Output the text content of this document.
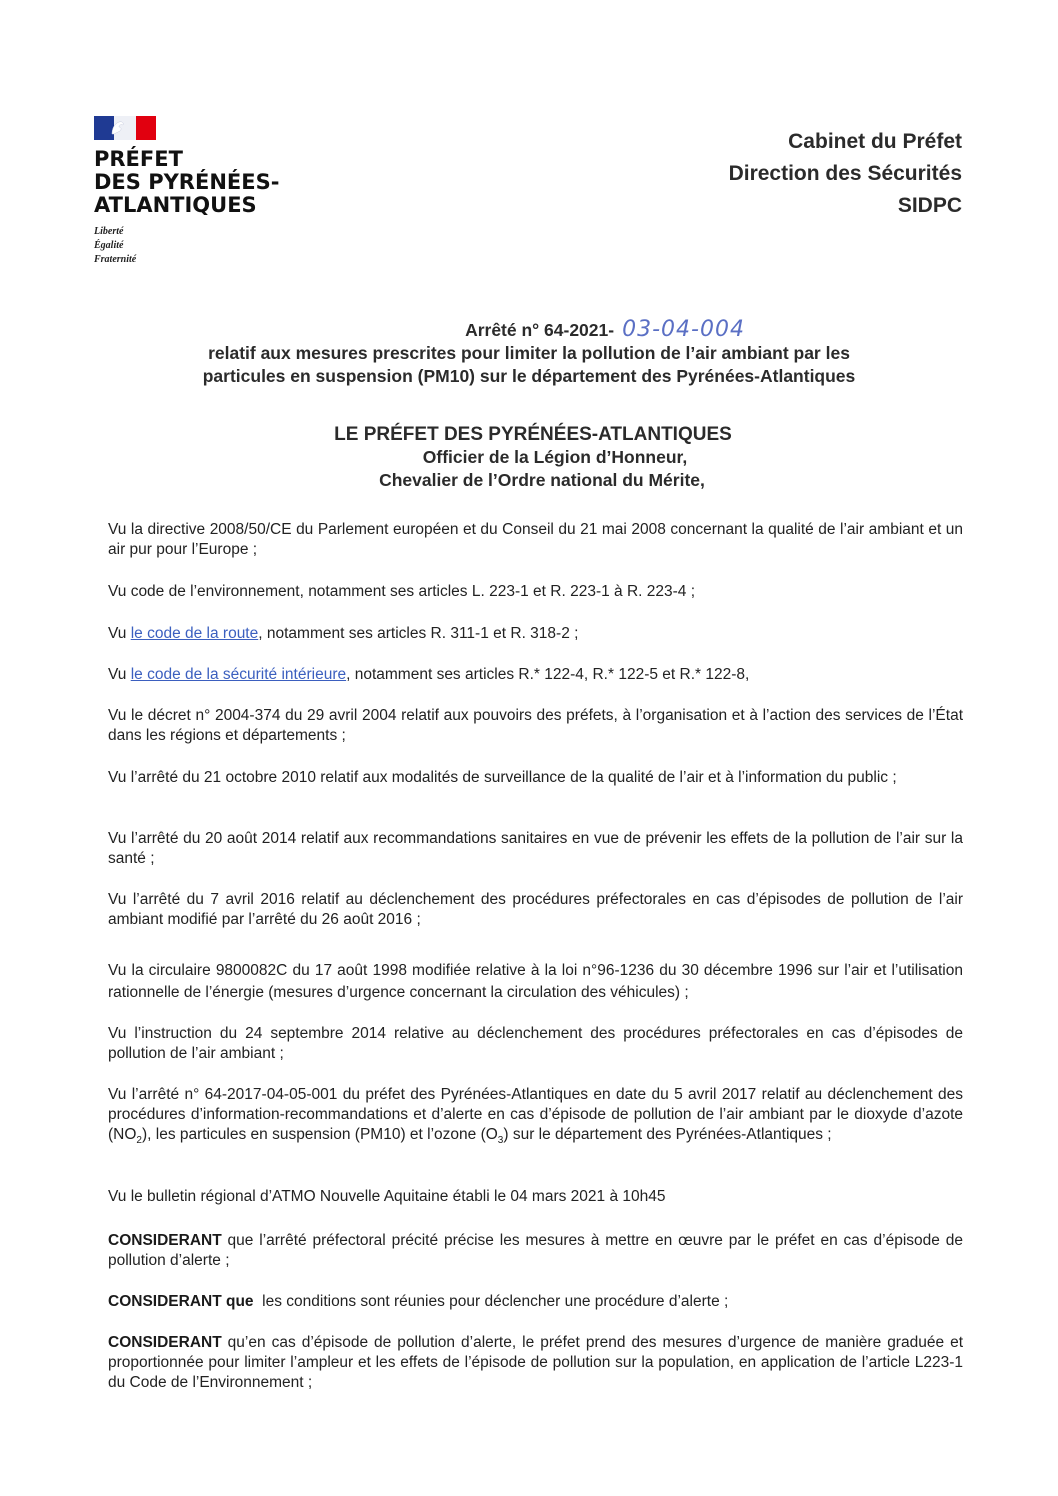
PRÉFET
DES PYRÉNÉES-
ATLANTIQUES
Liberté
Égalité
Fraternité
Cabinet du Préfet
Direction des Sécurités
SIDPC
Arrêté n° 64-2021- 03-04-004
relatif aux mesures prescrites pour limiter la pollution de l’air ambiant par les
particules en suspension (PM10) sur le département des Pyrénées-Atlantiques
LE PRÉFET DES PYRÉNÉES-ATLANTIQUES
Officier de la Légion d’Honneur,
Chevalier de l’Ordre national du Mérite,

Vu la directive 2008/50/CE du Parlement européen et du Conseil du 21 mai 2008 concernant la qualité de l’air ambiant et un air pur pour l’Europe ;

Vu code de l’environnement, notamment ses articles L. 223-1 et R. 223-1 à R. 223-4 ;

Vu le code de la route, notamment ses articles R. 311-1 et R. 318-2 ;

Vu le code de la sécurité intérieure, notamment ses articles R.* 122-4, R.* 122-5 et R.* 122-8,

Vu le décret n° 2004-374 du 29 avril 2004 relatif aux pouvoirs des préfets, à l’organisation et à l’action des services de l’État dans les régions et départements ;

Vu l’arrêté du 21 octobre 2010 relatif aux modalités de surveillance de la qualité de l’air et à l’information du public ;

Vu l’arrêté du 20 août 2014 relatif aux recommandations sanitaires en vue de prévenir les effets de la pollution de l’air sur la santé ;

Vu l’arrêté du 7 avril 2016 relatif au déclenchement des procédures préfectorales en cas d’épisodes de pollution de l’air ambiant modifié par l’arrêté du 26 août 2016 ;

Vu la circulaire 9800082C du 17 août 1998 modifiée relative à la loi n°96-1236 du 30 décembre 1996 sur l’air et l’utilisation rationnelle de l’énergie (mesures d’urgence concernant la circulation des véhicules) ;

Vu l’instruction du 24 septembre 2014 relative au déclenchement des procédures préfectorales en cas d’épisodes de pollution de l’air ambiant ;

Vu l’arrêté n° 64-2017-04-05-001 du préfet des Pyrénées-Atlantiques en date du 5 avril 2017 relatif au déclenchement des procédures d’information-recommandations et d’alerte en cas d’épisode de pollution de l’air ambiant par le dioxyde d’azote $(NO_2)$, les particules en suspension (PM10) et l’ozone $(O_3)$ sur le département des Pyrénées-Atlantiques ;

Vu le bulletin régional d’ATMO Nouvelle Aquitaine établi le 04 mars 2021 à 10h45

CONSIDERANT que l’arrêté préfectoral précité précise les mesures à mettre en œuvre par le préfet en cas d’épisode de pollution d’alerte ;

CONSIDERANT que  les conditions sont réunies pour déclencher une procédure d’alerte ;

CONSIDERANT qu’en cas d’épisode de pollution d’alerte, le préfet prend des mesures d’urgence de manière graduée et proportionnée pour limiter l’ampleur et les effets de l’épisode de pollution sur la population, en application de l’article L223-1 du Code de l’Environnement ;
